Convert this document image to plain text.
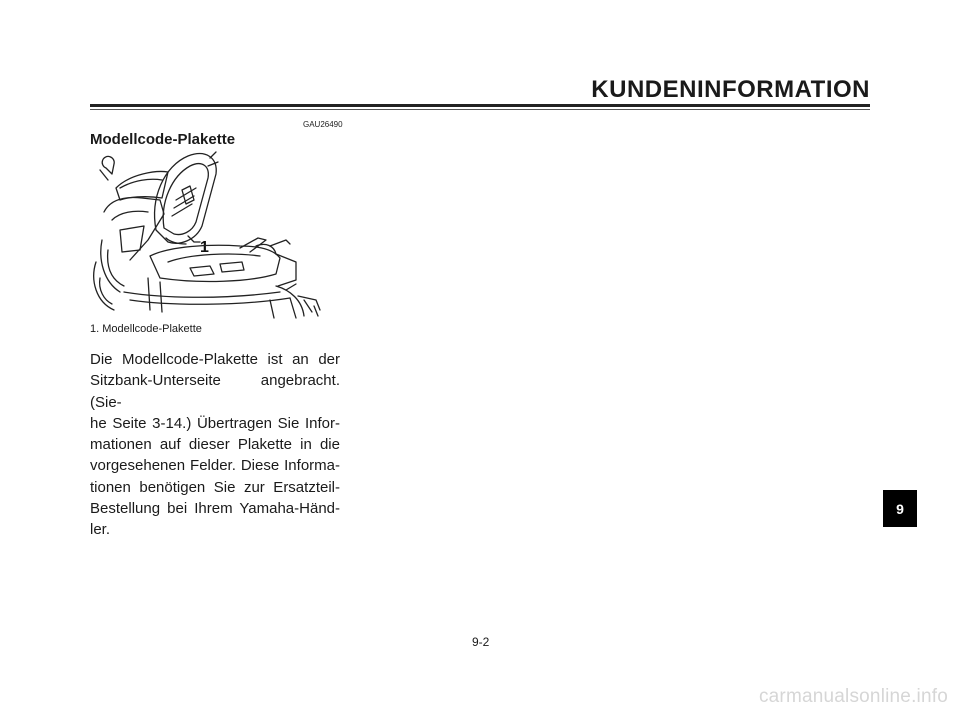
KUNDENINFORMATION
GAU26490
Modellcode-Plakette
1
1. Modellcode-Plakette
Die Modellcode-Plakette ist an der
Sitzbank-Unterseite angebracht. (Sie-
he Seite 3-14.) Übertragen Sie Infor-
mationen auf dieser Plakette in die
vorgesehenen Felder. Diese Informa-
tionen benötigen Sie zur Ersatzteil-
Bestellung bei Ihrem Yamaha-Händ-
ler.
9
9-2
carmanualsonline.info
